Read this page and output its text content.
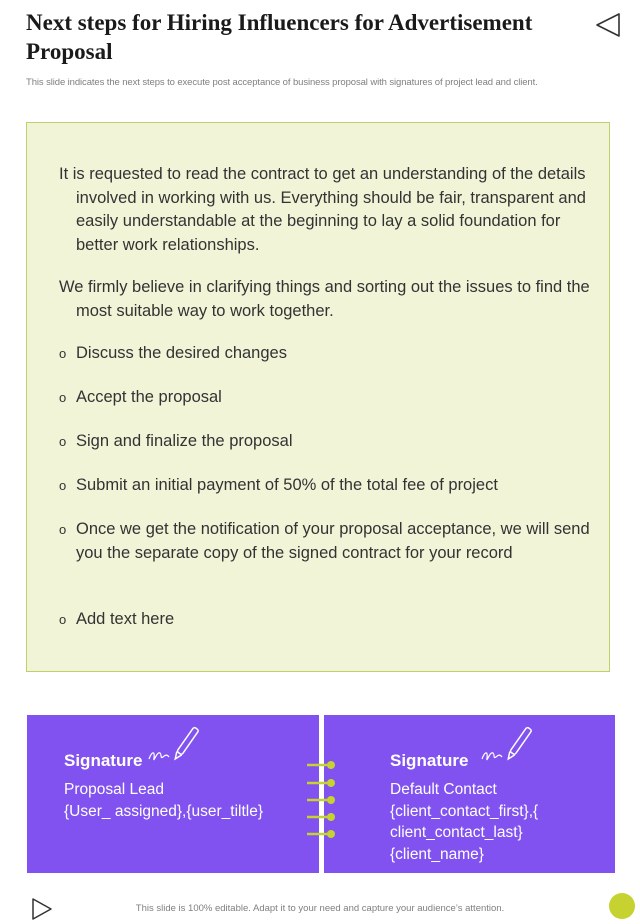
Next steps for Hiring Influencers for Advertisement Proposal
This slide indicates the next steps to execute post acceptance of business proposal with signatures of project lead and client.

It is requested to read the contract to get an understanding of the details involved in working with us. Everything should be fair, transparent and easily understandable at the beginning to lay a solid foundation for better work relationships.

We firmly believe in clarifying things and sorting out the issues to find the most suitable way to work together.

o Discuss the desired changes

o Accept the proposal

o Sign and finalize the proposal

o Submit an initial payment of 50% of the total fee of project

o Once we get the notification of your proposal acceptance, we will send you the separate copy of the signed contract for your record

o Add text here

Signature
Proposal Lead
{User_ assigned},{user_tiltle}
Signature
Default Contact
{client_contact_first},{
client_contact_last}
{client_name}
This slide is 100% editable. Adapt it to your need and capture your audience’s attention.
